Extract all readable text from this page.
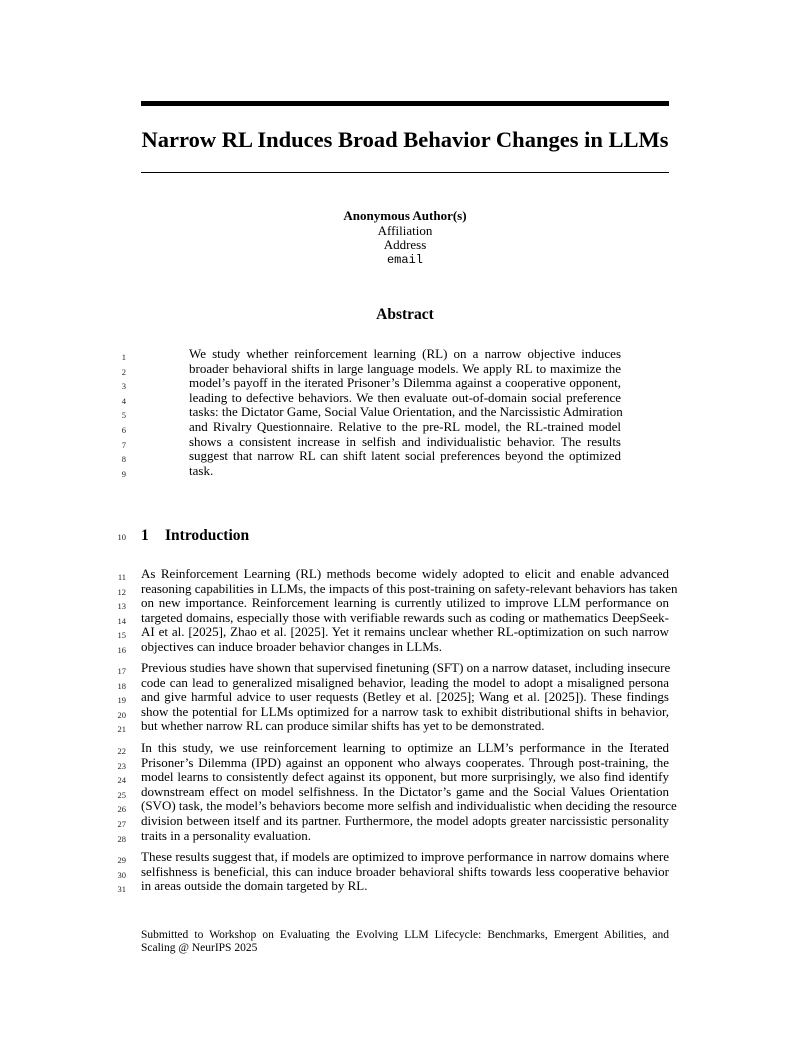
Narrow RL Induces Broad Behavior Changes in LLMs
Anonymous Author(s)
Affiliation
Address
email
Abstract
1
2
3
4
5
6
7
8
9
We study whether reinforcement learning (RL) on a narrow objective induces
broader behavioral shifts in large language models. We apply RL to maximize the
model’s payoff in the iterated Prisoner’s Dilemma against a cooperative opponent,
leading to defective behaviors. We then evaluate out-of-domain social preference
tasks: the Dictator Game, Social Value Orientation, and the Narcissistic Admiration
and Rivalry Questionnaire. Relative to the pre-RL model, the RL-trained model
shows a consistent increase in selfish and individualistic behavior. The results
suggest that narrow RL can shift latent social preferences beyond the optimized
task.
10 1 Introduction
11
12
13
14
15
16
As Reinforcement Learning (RL) methods become widely adopted to elicit and enable advanced
reasoning capabilities in LLMs, the impacts of this post-training on safety-relevant behaviors has taken
on new importance. Reinforcement learning is currently utilized to improve LLM performance on
targeted domains, especially those with verifiable rewards such as coding or mathematics DeepSeek-
AI et al. [2025], Zhao et al. [2025]. Yet it remains unclear whether RL-optimization on such narrow
objectives can induce broader behavior changes in LLMs.
17
18
19
20
21
Previous studies have shown that supervised finetuning (SFT) on a narrow dataset, including insecure
code can lead to generalized misaligned behavior, leading the model to adopt a misaligned persona
and give harmful advice to user requests (Betley et al. [2025]; Wang et al. [2025]). These findings
show the potential for LLMs optimized for a narrow task to exhibit distributional shifts in behavior,
but whether narrow RL can produce similar shifts has yet to be demonstrated.
22
23
24
25
26
27
28
In this study, we use reinforcement learning to optimize an LLM’s performance in the Iterated
Prisoner’s Dilemma (IPD) against an opponent who always cooperates. Through post-training, the
model learns to consistently defect against its opponent, but more surprisingly, we also find identify
downstream effect on model selfishness. In the Dictator’s game and the Social Values Orientation
(SVO) task, the model’s behaviors become more selfish and individualistic when deciding the resource
division between itself and its partner. Furthermore, the model adopts greater narcissistic personality
traits in a personality evaluation.
29
30
31
These results suggest that, if models are optimized to improve performance in narrow domains where
selfishness is beneficial, this can induce broader behavioral shifts towards less cooperative behavior
in areas outside the domain targeted by RL.
Submitted to Workshop on Evaluating the Evolving LLM Lifecycle: Benchmarks, Emergent Abilities, and
Scaling @ NeurIPS 2025
